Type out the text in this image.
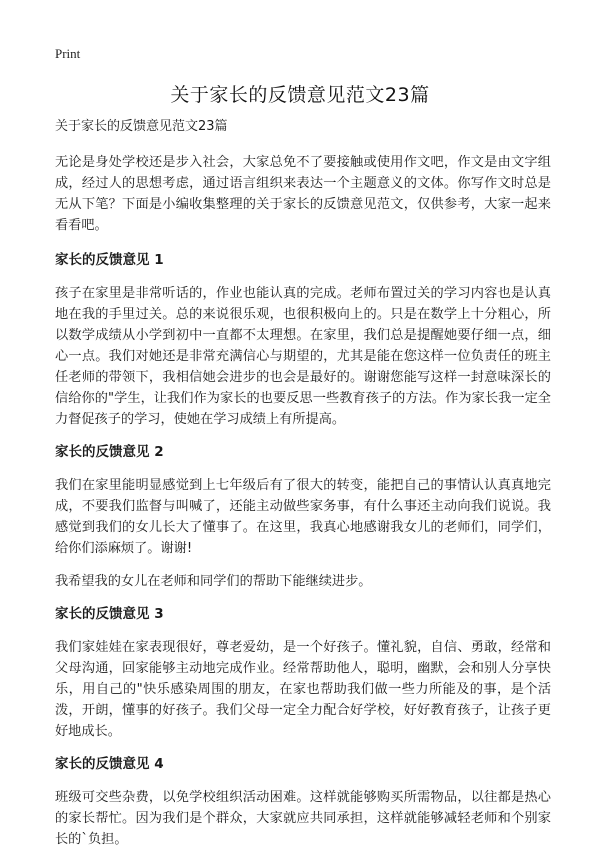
Print
关于家长的反馈意见范文23篇
关于家长的反馈意见范文23篇

无论是身处学校还是步入社会，大家总免不了要接触或使用作文吧，作文是由文字组成，经过人的思想考虑，通过语言组织来表达一个主题意义的文体。你写作文时总是无从下笔？下面是小编收集整理的关于家长的反馈意见范文，仅供参考，大家一起来看看吧。

家长的反馈意见 1

孩子在家里是非常听话的，作业也能认真的完成。老师布置过关的学习内容也是认真地在我的手里过关。总的来说很乐观，也很积极向上的。只是在数学上十分粗心，所以数学成绩从小学到初中一直都不太理想。在家里，我们总是提醒她要仔细一点，细心一点。我们对她还是非常充满信心与期望的，尤其是能在您这样一位负责任的班主任老师的带领下，我相信她会进步的也会是最好的。谢谢您能写这样一封意味深长的信给你的"学生，让我们作为家长的也要反思一些教育孩子的方法。作为家长我一定全力督促孩子的学习，使她在学习成绩上有所提高。

家长的反馈意见 2

我们在家里能明显感觉到上七年级后有了很大的转变，能把自己的事情认认真真地完成，不要我们监督与叫喊了，还能主动做些家务事，有什么事还主动向我们说说。我感觉到我们的女儿长大了懂事了。在这里，我真心地感谢我女儿的老师们，同学们，给你们添麻烦了。谢谢!

我希望我的女儿在老师和同学们的帮助下能继续进步。

家长的反馈意见 3

我们家娃娃在家表现很好，尊老爱幼，是一个好孩子。懂礼貌，自信、勇敢，经常和父母沟通，回家能够主动地完成作业。经常帮助他人，聪明，幽默，会和别人分享快乐，用自己的"快乐感染周围的朋友，在家也帮助我们做一些力所能及的事，是个活泼，开朗，懂事的好孩子。我们父母一定全力配合好学校，好好教育孩子，让孩子更好地成长。

家长的反馈意见 4

班级可交些杂费，以免学校组织活动困难。这样就能够购买所需物品，以往都是热心的家长帮忙。因为我们是个群众，大家就应共同承担，这样就能够减轻老师和个别家长的`负担。
